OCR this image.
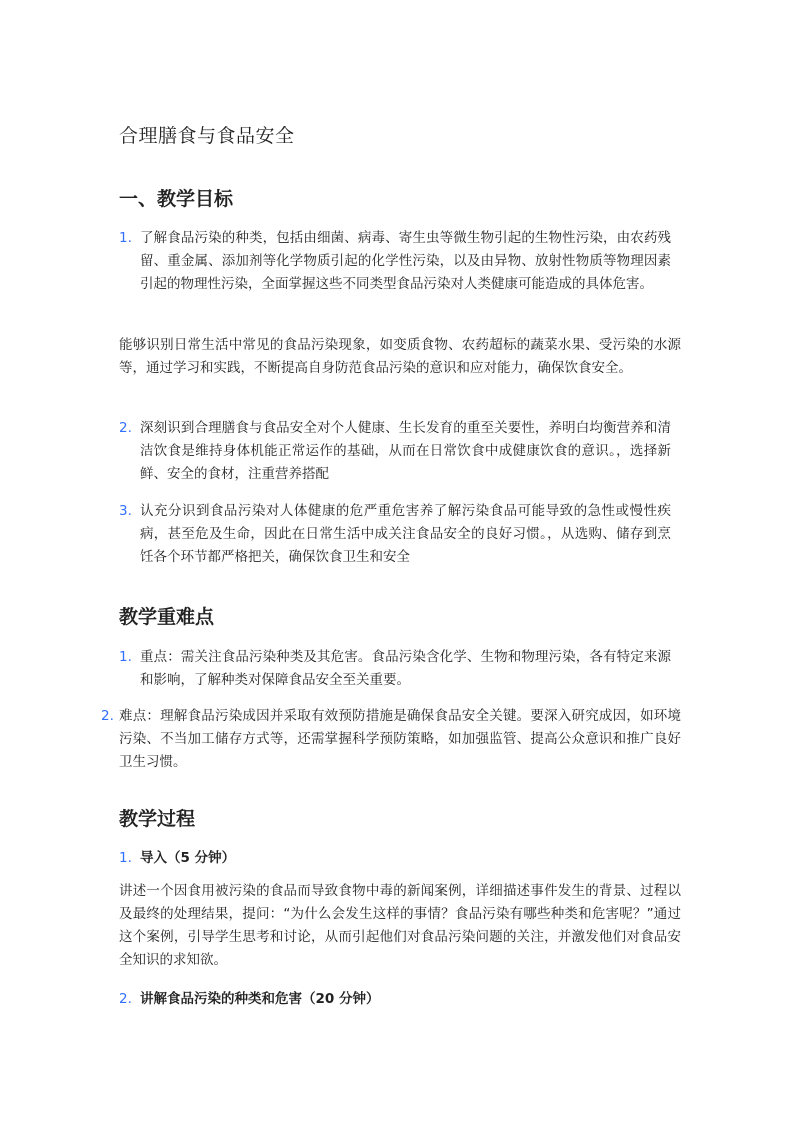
合理膳食与食品安全
一、教学目标
1. 了解食品污染的种类，包括由细菌、病毒、寄生虫等微生物引起的生物性污染，由农药残留、重金属、添加剂等化学物质引起的化学性污染，以及由异物、放射性物质等物理因素引起的物理性污染，全面掌握这些不同类型食品污染对人类健康可能造成的具体危害。

能够识别日常生活中常见的食品污染现象，如变质食物、农药超标的蔬菜水果、受污染的水源等，通过学习和实践，不断提高自身防范食品污染的意识和应对能力，确保饮食安全。

2. 深刻识到合理膳食与食品安全对个人健康、生长发育的重至关要性，养明白均衡营养和清洁饮食是维持身体机能正常运作的基础，从而在日常饮食中成健康饮食的意识。，选择新鲜、安全的食材，注重营养搭配
3. 认充分识到食品污染对人体健康的危严重危害养了解污染食品可能导致的急性或慢性疾病，甚至危及生命，因此在日常生活中成关注食品安全的良好习惯。，从选购、储存到烹饪各个环节都严格把关，确保饮食卫生和安全
教学重难点
1. 重点：需关注食品污染种类及其危害。食品污染含化学、生物和物理污染，各有特定来源和影响，了解种类对保障食品安全至关重要。
2. 难点：理解食品污染成因并采取有效预防措施是确保食品安全关键。要深入研究成因，如环境污染、不当加工储存方式等，还需掌握科学预防策略，如加强监管、提高公众意识和推广良好卫生习惯。
教学过程
1. 导入（5 分钟）

讲述一个因食用被污染的食品而导致食物中毒的新闻案例，详细描述事件发生的背景、过程以及最终的处理结果，提问：“为什么会发生这样的事情？食品污染有哪些种类和危害呢？”通过这个案例，引导学生思考和讨论，从而引起他们对食品污染问题的关注，并激发他们对食品安全知识的求知欲。

2. 讲解食品污染的种类和危害（20 分钟）
